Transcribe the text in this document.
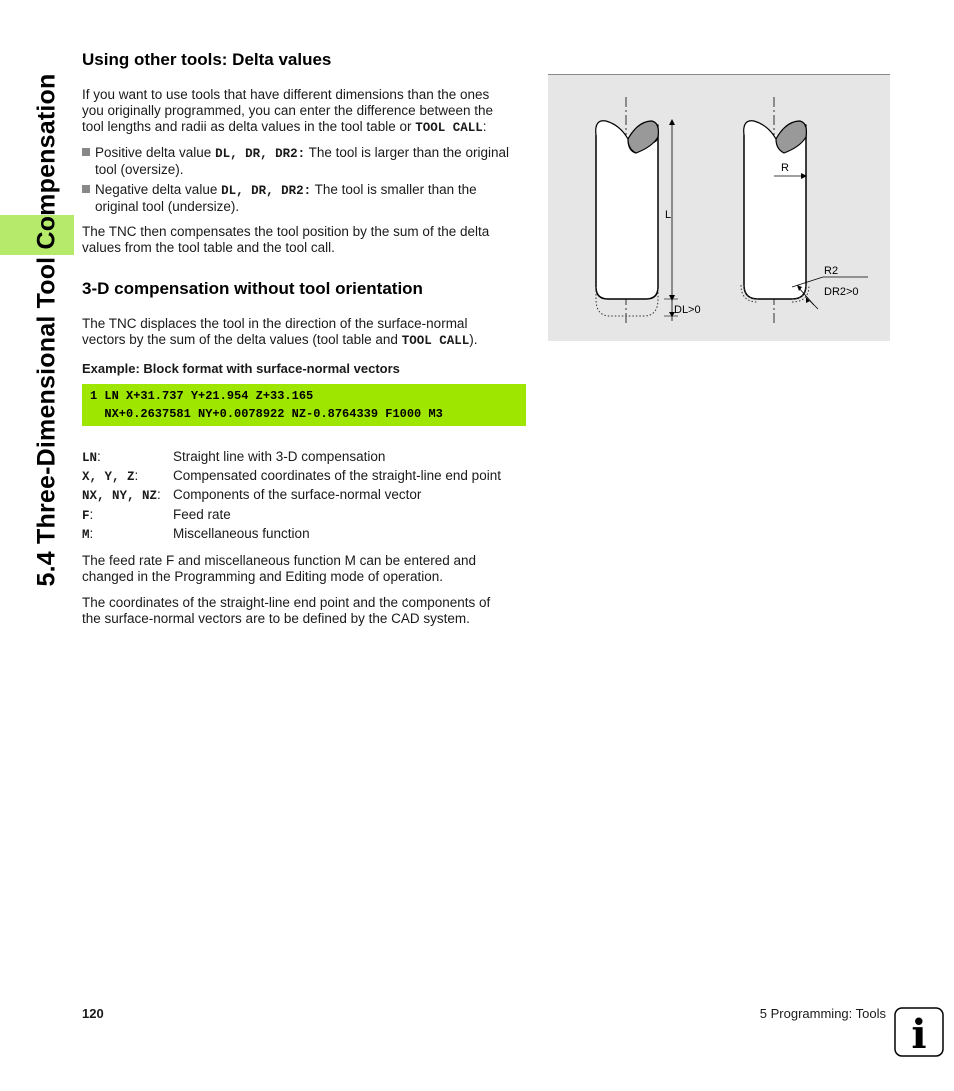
5.4 Three-Dimensional Tool Compensation
Using other tools: Delta values

If you want to use tools that have different dimensions than the ones

you originally programmed, you can enter the difference between the

tool lengths and radii as delta values in the tool table or TOOL CALL:

Positive delta value DL, DR, DR2: The tool is larger than the original
tool (oversize).
Negative delta value DL, DR, DR2: The tool is smaller than the
original tool (undersize).

The TNC then compensates the tool position by the sum of the delta

values from the tool table and the tool call.

3-D compensation without tool orientation

The TNC displaces the tool in the direction of the surface-normal

vectors by the sum of the delta values (tool table and TOOL CALL).

Example: Block format with surface-normal vectors
1 LN X+31.737 Y+21.954 Z+33.165
NX+0.2637581 NY+0.0078922 NZ-0.8764339 F1000 M3
LN:	Straight line with 3-D compensation
X, Y, Z:	Compensated coordinates of the straight-line end point
NX, NY, NZ: Components of the surface-normal vector
F:	Feed rate
M:	Miscellaneous function

The feed rate F and miscellaneous function M can be entered and

changed in the Programming and Editing mode of operation.

The coordinates of the straight-line end point and the components of

the surface-normal vectors are to be defined by the CAD system.

L
DL>0
R
R2
DR2>0
120	5 Programming: Tools i
